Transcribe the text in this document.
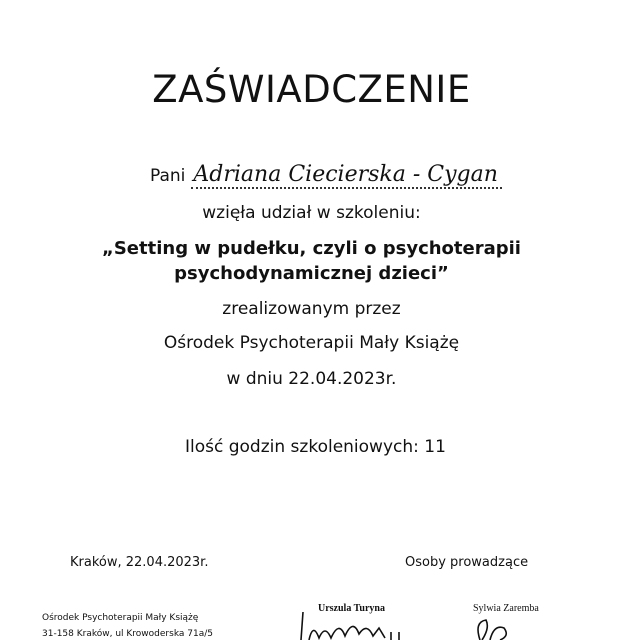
ZAŚWIADCZENIE
Pani Adriana Ciecierska - Cygan
wzięła udział w szkoleniu:
„Setting w pudełku, czyli o psychoterapii
psychodynamicznej dzieci”
zrealizowanym przez
Ośrodek Psychoterapii Mały Książę
w dniu 22.04.2023r.
Ilość godzin szkoleniowych: 11
Kraków, 22.04.2023r.	Osoby prowadzące
Ośrodek Psychoterapii Mały Książę
31-158 Kraków, ul Krowoderska 71a/5
Urszula Turyna	Sylwia Zaremba
